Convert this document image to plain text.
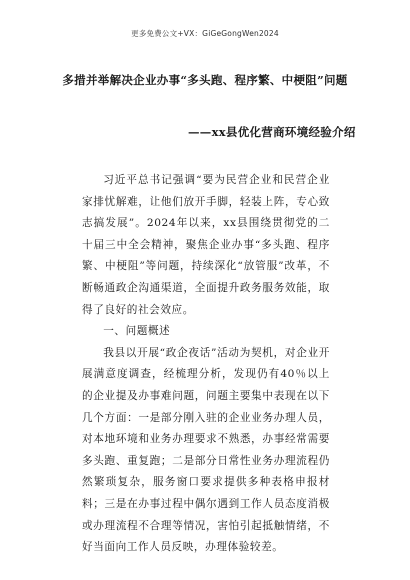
更多免费公文+VX：GiGeGongWen2024
多措并举解决企业办事“多头跑、程序繁、中梗阻”问题
——xx县优化营商环境经验介绍

习近平总书记强调“要为民营企业和民营企业家排忧解难，让他们放开手脚，轻装上阵，专心致志搞发展”。2024年以来，xx县围绕贯彻党的二十届三中全会精神，聚焦企业办事“多头跑、程序繁、中梗阻”等问题，持续深化“放管服”改革，不断畅通政企沟通渠道，全面提升政务服务效能，取得了良好的社会效应。

一、问题概述

我县以开展“政企夜话”活动为契机，对企业开展满意度调查，经梳理分析，发现仍有40％以上的企业提及办事难问题，问题主要集中表现在以下几个方面：一是部分刚入驻的企业业务办理人员，对本地环境和业务办理要求不熟悉，办事经常需要多头跑、重复跑；二是部分日常性业务办理流程仍然繁琐复杂，服务窗口要求提供多种表格申报材料；三是在办事过程中偶尔遇到工作人员态度消极或办理流程不合理等情况，害怕引起抵触情绪，不好当面向工作人员反映，办理体验较差。
